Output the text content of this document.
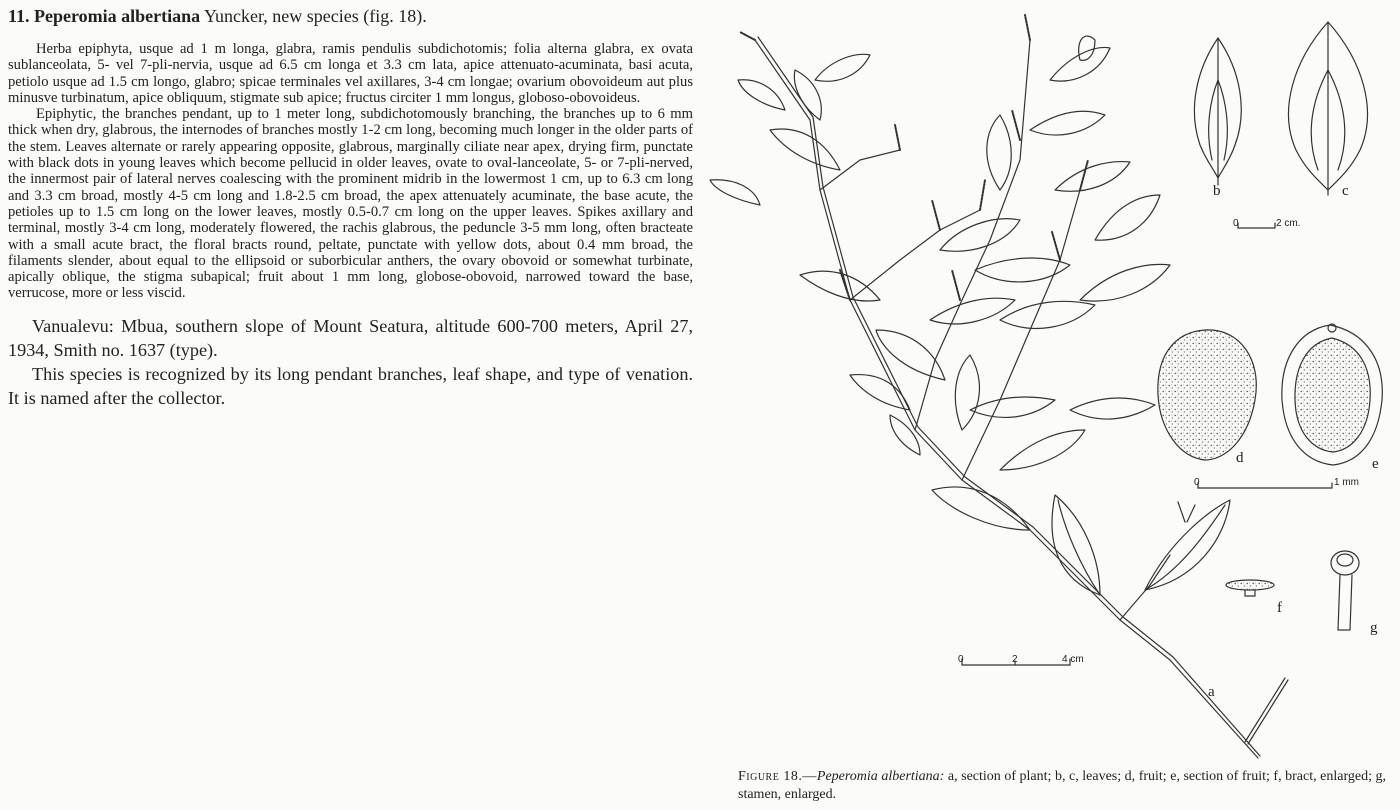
11. Peperomia albertiana Yuncker, new species (fig. 18).

Herba epiphyta, usque ad 1 m longa, glabra, ramis pendulis subdichotomis; folia alterna glabra, ex ovata sublanceolata, 5- vel 7-pli-nervia, usque ad 6.5 cm longa et 3.3 cm lata, apice attenuato-acuminata, basi acuta, petiolo usque ad 1.5 cm longo, glabro; spicae terminales vel axillares, 3-4 cm longae; ovarium obovoideum aut plus minusve turbinatum, apice obliquum, stigmate sub apice; fructus circiter 1 mm longus, globoso-obovoideus.

Epiphytic, the branches pendant, up to 1 meter long, subdichotomously branching, the branches up to 6 mm thick when dry, glabrous, the internodes of branches mostly 1-2 cm long, becoming much longer in the older parts of the stem. Leaves alternate or rarely appearing opposite, glabrous, marginally ciliate near apex, drying firm, punctate with black dots in young leaves which become pellucid in older leaves, ovate to oval-lanceolate, 5- or 7-pli-nerved, the innermost pair of lateral nerves coalescing with the prominent midrib in the lowermost 1 cm, up to 6.3 cm long and 3.3 cm broad, mostly 4-5 cm long and 1.8-2.5 cm broad, the apex attenuately acuminate, the base acute, the petioles up to 1.5 cm long on the lower leaves, mostly 0.5-0.7 cm long on the upper leaves. Spikes axillary and terminal, mostly 3-4 cm long, moderately flowered, the rachis glabrous, the peduncle 3-5 mm long, often bracteate with a small acute bract, the floral bracts round, peltate, punctate with yellow dots, about 0.4 mm broad, the filaments slender, about equal to the ellipsoid or suborbicular anthers, the ovary obovoid or somewhat turbinate, apically oblique, the stigma subapical; fruit about 1 mm long, globose-obovoid, narrowed toward the base, verrucose, more or less viscid.

Vanualevu: Mbua, southern slope of Mount Seatura, altitude 600-700 meters, April 27, 1934, Smith no. 1637 (type).

This species is recognized by its long pendant branches, leaf shape, and type of venation. It is named after the collector.

b	c
d	e
f
g
a
0	2 cm.
0	1 mm
0	2	4 cm

Figure 18.—Peperomia albertiana: a, section of plant; b, c, leaves; d, fruit; e, section of fruit; f, bract, enlarged; g, stamen, enlarged.
